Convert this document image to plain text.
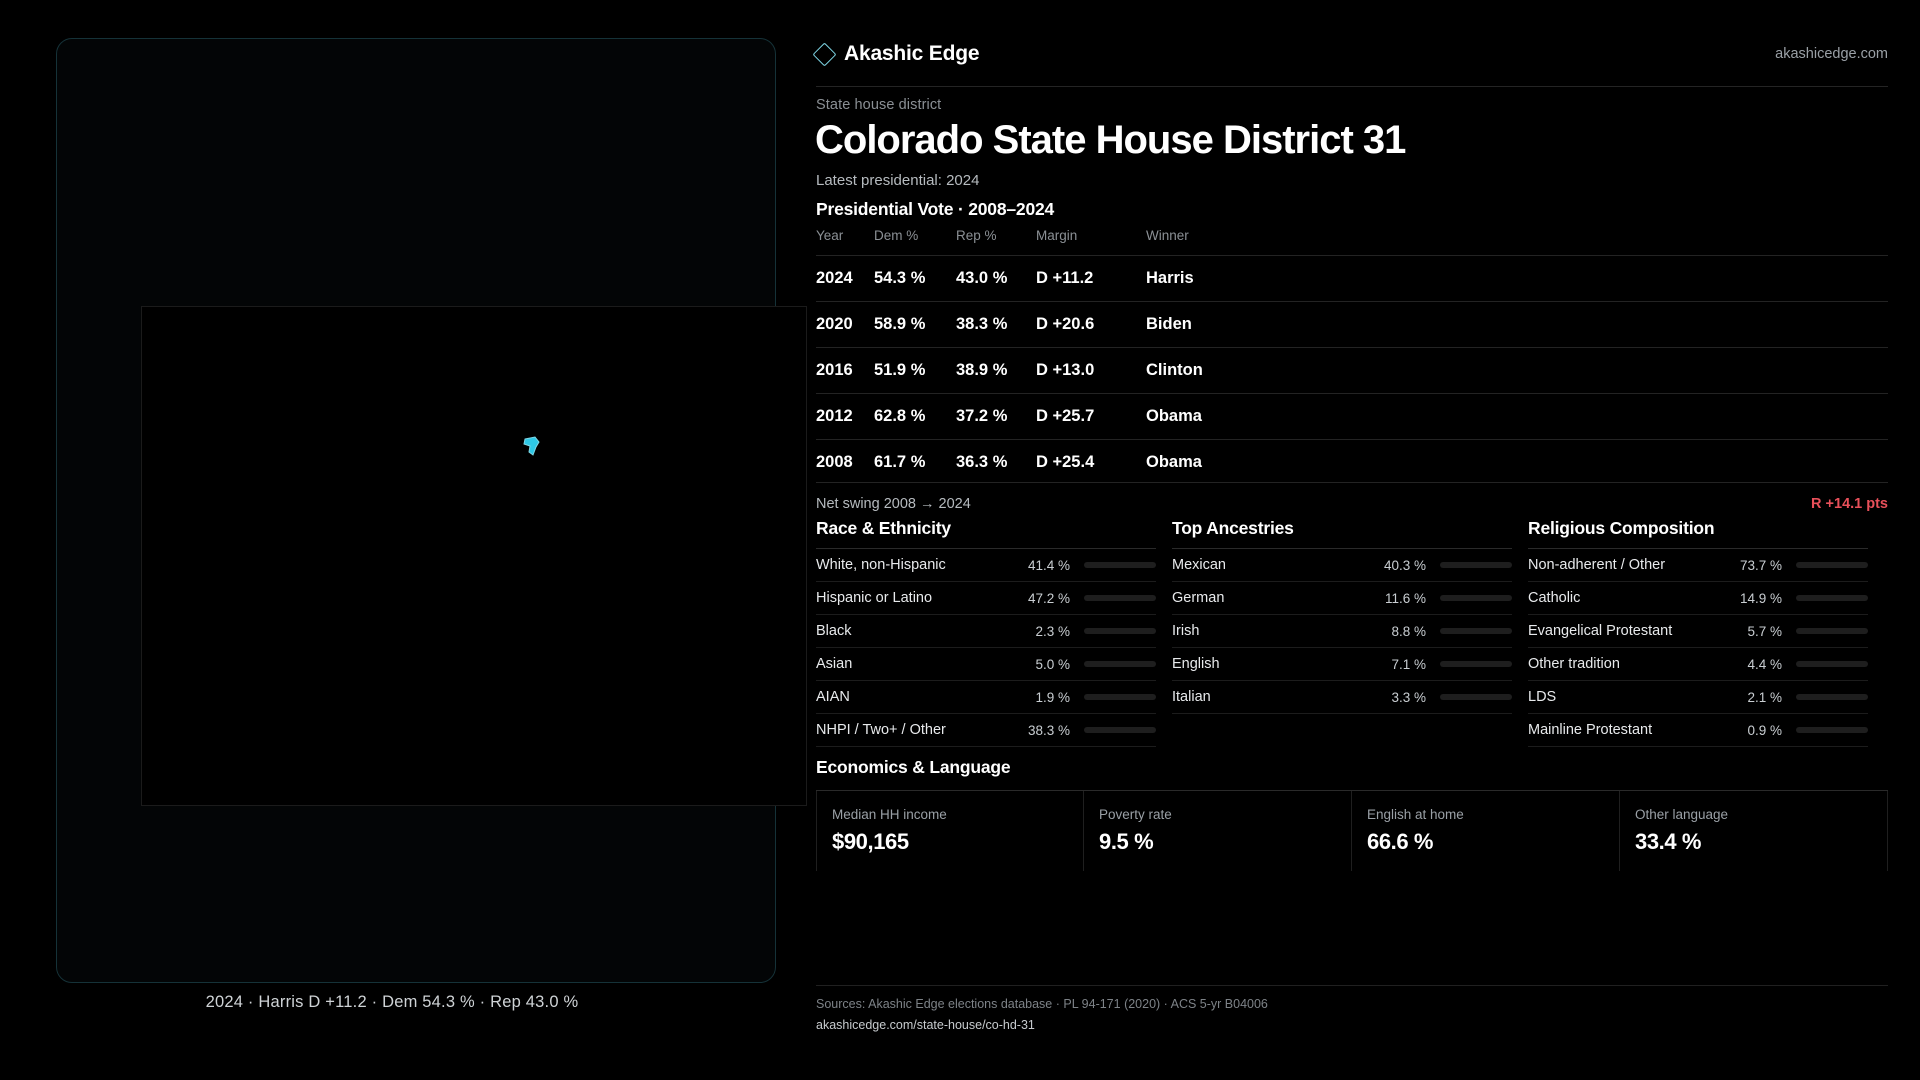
2024 · Harris D +11.2 · Dem 54.3 % · Rep 43.0 %
Akashic Edge	akashicedge.com
State house district
Colorado State House District 31
Latest presidential: 2024
Presidential Vote · 2008–2024
Year	Dem %	Rep %	Margin	Winner
2024	54.3 %	43.0 %	D +11.2	Harris
2020	58.9 %	38.3 %	D +20.6	Biden
2016	51.9 %	38.9 %	D +13.0	Clinton
2012	62.8 %	37.2 %	D +25.7	Obama
2008	61.7 %	36.3 %	D +25.4	Obama
Net swing 2008 → 2024	R +14.1 pts
Race & Ethnicity
White, non-Hispanic	41.4 %
Hispanic or Latino	47.2 %
Black	2.3 %
Asian	5.0 %
AIAN	1.9 %
NHPI / Two+ / Other	38.3 %
Top Ancestries
Mexican	40.3 %
German	11.6 %
Irish	8.8 %
English	7.1 %
Italian	3.3 %
Religious Composition
Non-adherent / Other	73.7 %
Catholic	14.9 %
Evangelical Protestant	5.7 %
Other tradition	4.4 %
LDS	2.1 %
Mainline Protestant	0.9 %
Economics & Language
Median HH income
$90,165
Poverty rate
9.5 %
English at home
66.6 %
Other language
33.4 %
Sources: Akashic Edge elections database · PL 94-171 (2020) · ACS 5-yr B04006
akashicedge.com/state-house/co-hd-31
